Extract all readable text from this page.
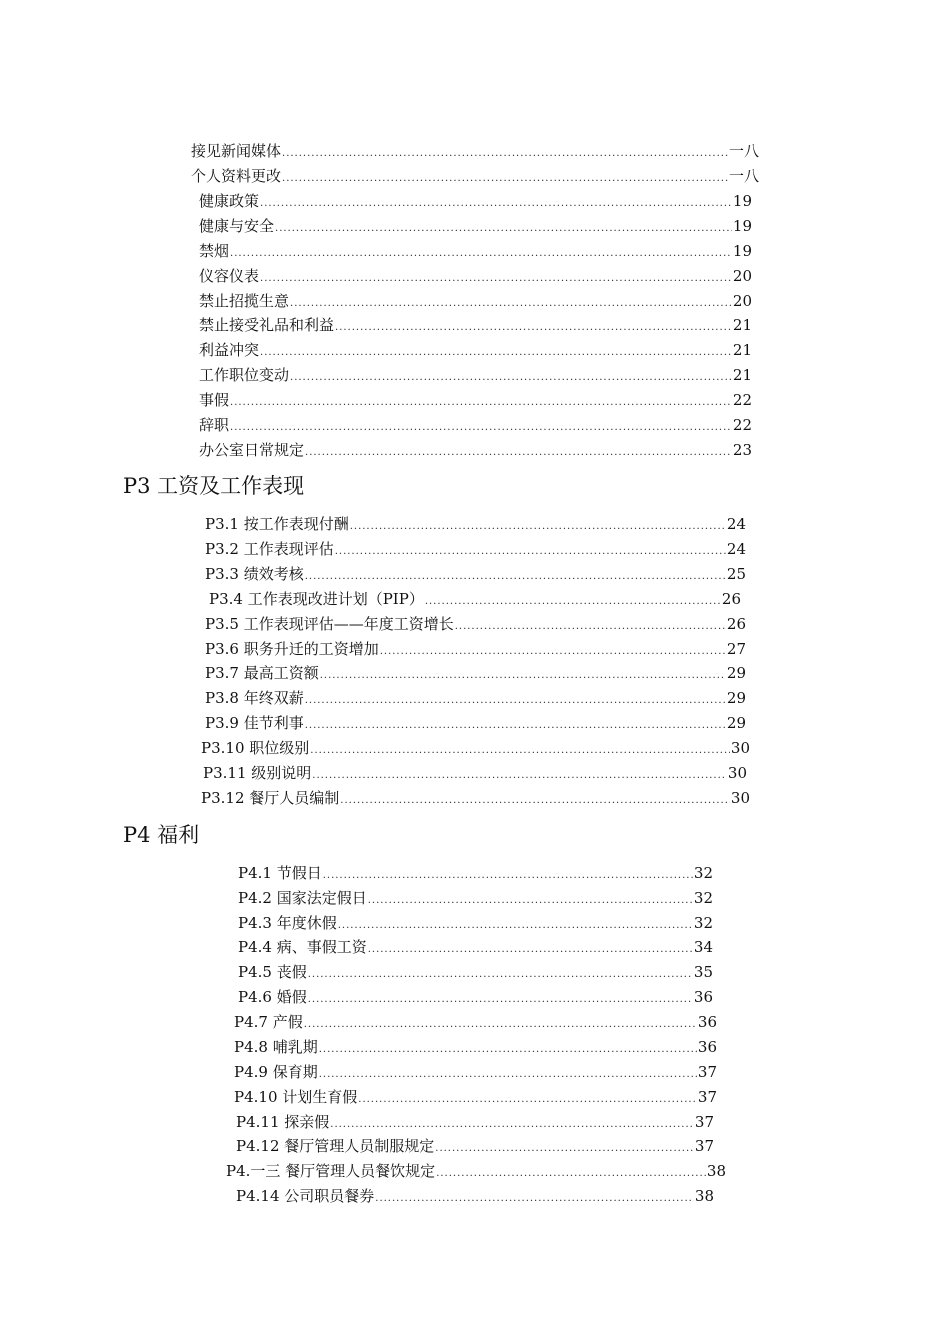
接见新闻媒体 .....	一八
个人资料更改 .....	一八
健康政策 .....	19
健康与安全 .....	19
禁烟 .....	19
仪容仪表 .....	20
禁止招揽生意 .....	20
禁止接受礼品和利益 .....	21
利益冲突 .....	21
工作职位变动 .....	21
事假 .....	22
辞职 .....	22
办公室日常规定 .....	23
P3 工资及工作表现
P3.1 按工作表现付酬 .....	24
P3.2 工作表现评估 .....	24
P3.3 绩效考核 .....	25
P3.4 工作表现改进计划（PIP） .....	26
P3.5 工作表现评估——年度工资增长 .....	26
P3.6 职务升迁的工资增加 .....	27
P3.7 最高工资额 .....	29
P3.8 年终双薪 .....	29
P3.9 佳节利事 .....	29
P3.10 职位级别 .....	30
P3.11 级别说明 .....	30
P3.12 餐厅人员编制 .....	30
P4 福利
P4.1 节假日 .....	32
P4.2 国家法定假日 .....	32
P4.3 年度休假 .....	32
P4.4 病、事假工资 .....	34
P4.5 丧假 .....	35
P4.6 婚假 .....	36
P4.7 产假 .....	36
P4.8 哺乳期 .....	36
P4.9 保育期 .....	37
P4.10 计划生育假 .....	37
P4.11 探亲假 .....	37
P4.12 餐厅管理人员制服规定 .....	37
P4.一三 餐厅管理人员餐饮规定 .....	38
P4.14 公司职员餐券 .....	38
